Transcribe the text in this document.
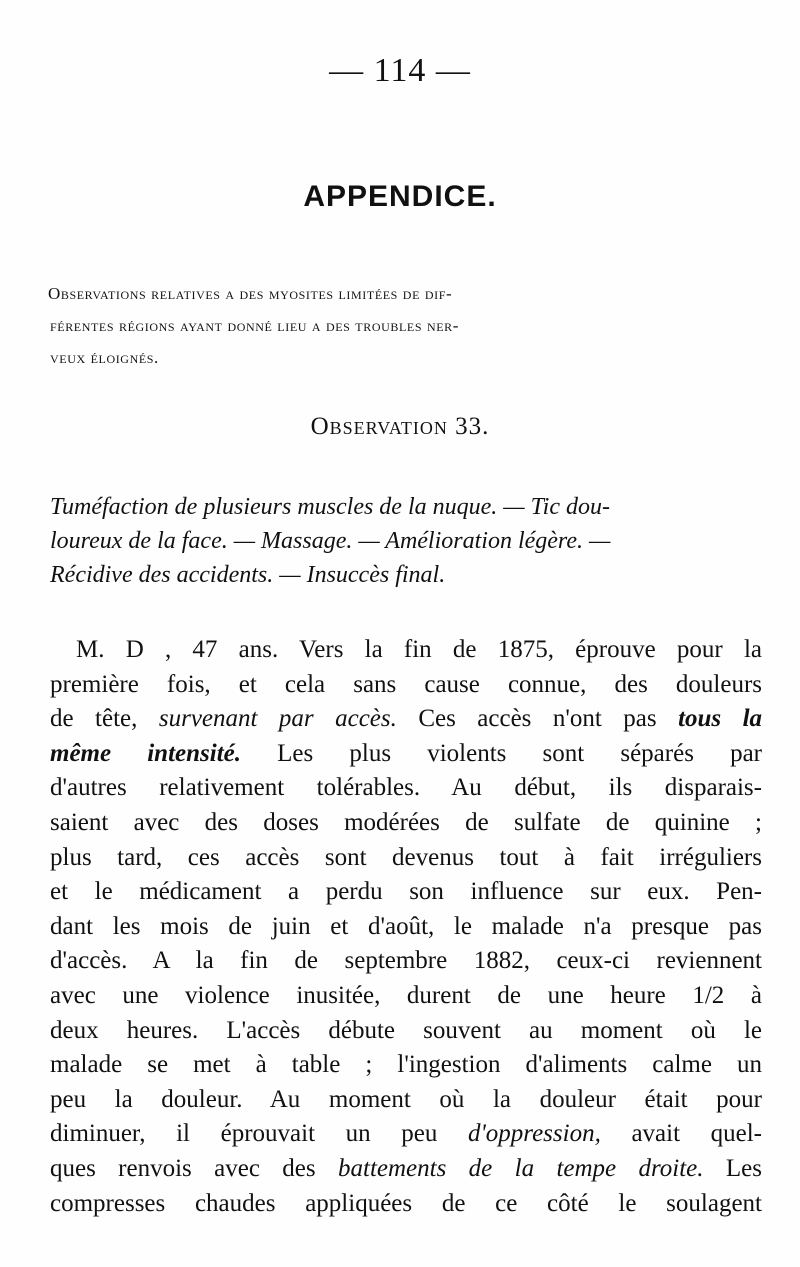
— 114 —
APPENDICE.
Observations relatives a des myosites limitées de dif-
férentes régions ayant donné lieu a des troubles ner-
veux éloignés.
Observation 33.
Tuméfaction de plusieurs muscles de la nuque. — Tic dou-
loureux de la face. — Massage. — Amélioration légère. —
Récidive des accidents. — Insuccès final.
M. D , 47 ans. Vers la fin de 1875, éprouve pour la
première fois, et cela sans cause connue, des douleurs
de tête, survenant par accès. Ces accès n'ont pas tous la
même intensité. Les plus violents sont séparés par
d'autres relativement tolérables. Au début, ils disparais-
saient avec des doses modérées de sulfate de quinine ;
plus tard, ces accès sont devenus tout à fait irréguliers
et le médicament a perdu son influence sur eux. Pen-
dant les mois de juin et d'août, le malade n'a presque pas
d'accès. A la fin de septembre 1882, ceux-ci reviennent
avec une violence inusitée, durent de une heure 1/2 à
deux heures. L'accès débute souvent au moment où le
malade se met à table ; l'ingestion d'aliments calme un
peu la douleur. Au moment où la douleur était pour
diminuer, il éprouvait un peu d'oppression, avait quel-
ques renvois avec des battements de la tempe droite. Les
compresses chaudes appliquées de ce côté le soulagent
